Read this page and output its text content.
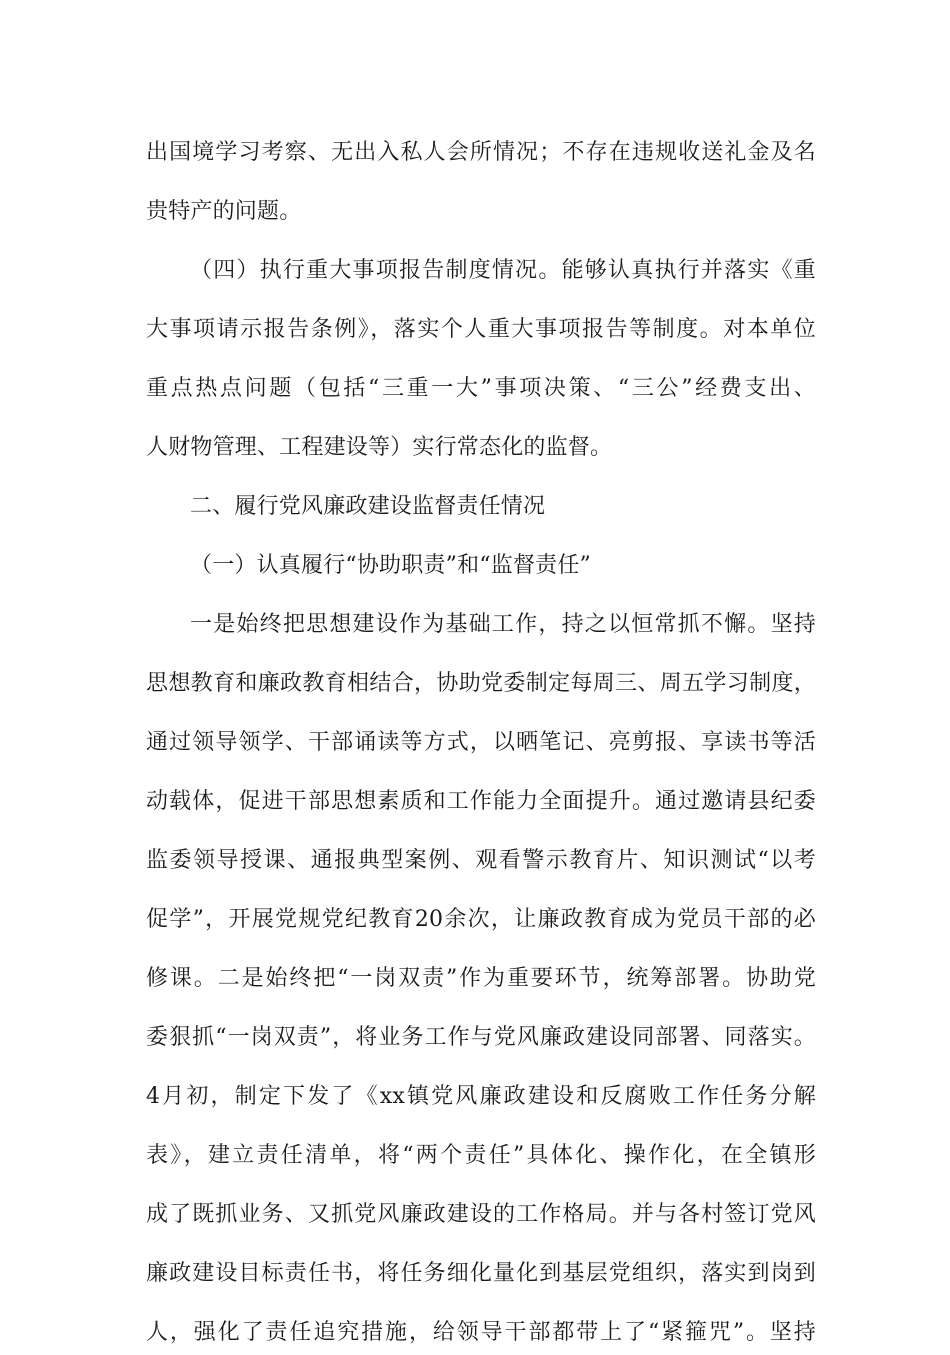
出国境学习考察、无出入私人会所情况；不存在违规收送礼金及名
贵特产的问题。
（四）执行重大事项报告制度情况。能够认真执行并落实《重
大事项请示报告条例》，落实个人重大事项报告等制度。对本单位
重点热点问题（包括“三重一大”事项决策、“三公”经费支出、
人财物管理、工程建设等）实行常态化的监督。
二、履行党风廉政建设监督责任情况
（一）认真履行“协助职责”和“监督责任”
一是始终把思想建设作为基础工作，持之以恒常抓不懈。坚持
思想教育和廉政教育相结合，协助党委制定每周三、周五学习制度，
通过领导领学、干部诵读等方式，以晒笔记、亮剪报、享读书等活
动载体，促进干部思想素质和工作能力全面提升。通过邀请县纪委
监委领导授课、通报典型案例、观看警示教育片、知识测试“以考
促学”，开展党规党纪教育20余次，让廉政教育成为党员干部的必
修课。二是始终把“一岗双责”作为重要环节，统筹部署。协助党
委狠抓“一岗双责”，将业务工作与党风廉政建设同部署、同落实。
4月初，制定下发了《xx镇党风廉政建设和反腐败工作任务分解
表》，建立责任清单，将“两个责任”具体化、操作化，在全镇形
成了既抓业务、又抓党风廉政建设的工作格局。并与各村签订党风
廉政建设目标责任书，将任务细化量化到基层党组织，落实到岗到
人，强化了责任追究措施，给领导干部都带上了“紧箍咒”。坚持
